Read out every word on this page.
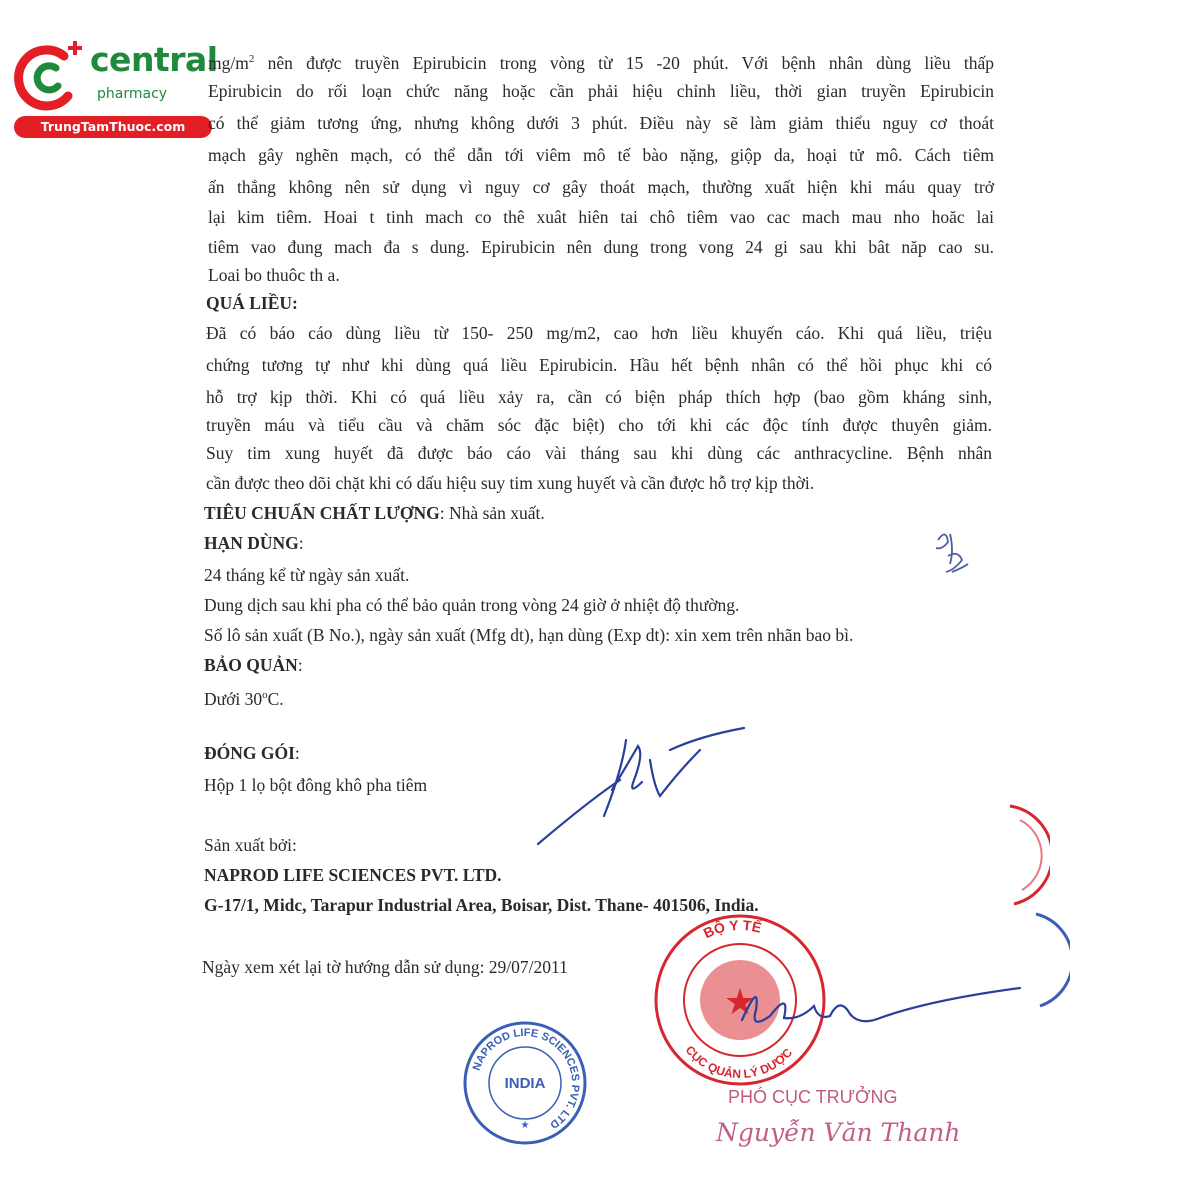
central
pharmacy
TrungTamThuoc.com
$mg/m^2$ nên được truyền Epirubicin trong vòng từ 15 -20 phút. Với bệnh nhân dùng liều thấp
Epirubicin do rối loạn chức năng hoặc cần phải hiệu chỉnh liều, thời gian truyền Epirubicin
có thể giảm tương ứng, nhưng không dưới 3 phút. Điều này sẽ làm giảm thiểu nguy cơ thoát
mạch gây nghẽn mạch, có thể dẫn tới viêm mô tế bào nặng, giộp da, hoại tử mô. Cách tiêm
ấn thẳng không nên sử dụng vì nguy cơ gây thoát mạch, thường xuất hiện khi máu quay trở
lại kim tiêm. Hoai t tinh mach co thê xuât hiên tai chô tiêm vao cac mach mau nho hoăc lai
tiêm vao đung mach đa s dung. Epirubicin nên dung trong vong 24 gi sau khi bât năp cao su.
Loai bo thuôc th a.
QUÁ LIỀU:
Đã có báo cáo dùng liều từ 150- 250 mg/m2, cao hơn liều khuyến cáo. Khi quá liều, triệu
chứng tương tự như khi dùng quá liều Epirubicin. Hầu hết bệnh nhân có thể hồi phục khi có
hỗ trợ kịp thời. Khi có quá liều xảy ra, cần có biện pháp thích hợp (bao gồm kháng sinh,
truyền máu và tiểu cầu và chăm sóc đặc biệt) cho tới khi các độc tính được thuyên giảm.
Suy tim xung huyết đã được báo cáo vài tháng sau khi dùng các anthracycline. Bệnh nhân
cần được theo dõi chặt khi có dấu hiệu suy tim xung huyết và cần được hỗ trợ kịp thời.
TIÊU CHUẨN CHẤT LƯỢNG: Nhà sản xuất.
HẠN DÙNG:
24 tháng kể từ ngày sản xuất.
Dung dịch sau khi pha có thể bảo quản trong vòng 24 giờ ở nhiệt độ thường.
Số lô sản xuất (B No.), ngày sản xuất (Mfg dt), hạn dùng (Exp dt): xin xem trên nhãn bao bì.
BẢO QUẢN:
Dưới 30$^o$C.
ĐÓNG GÓI:
Hộp 1 lọ bột đông khô pha tiêm
Sản xuất bởi:
NAPROD LIFE SCIENCES PVT. LTD.
G-17/1, Midc, Tarapur Industrial Area, Boisar, Dist. Thane- 401506, India.
Ngày xem xét lại tờ hướng dẫn sử dụng: 29/07/2011
NAPROD LIFE SCIENCES PVT. LTD
INDIA
★
★
BỘ Y TẾ
CỤC QUẢN LÝ DƯỢC
PHÓ CỤC TRƯỞNG
Nguyễn Văn Thanh
